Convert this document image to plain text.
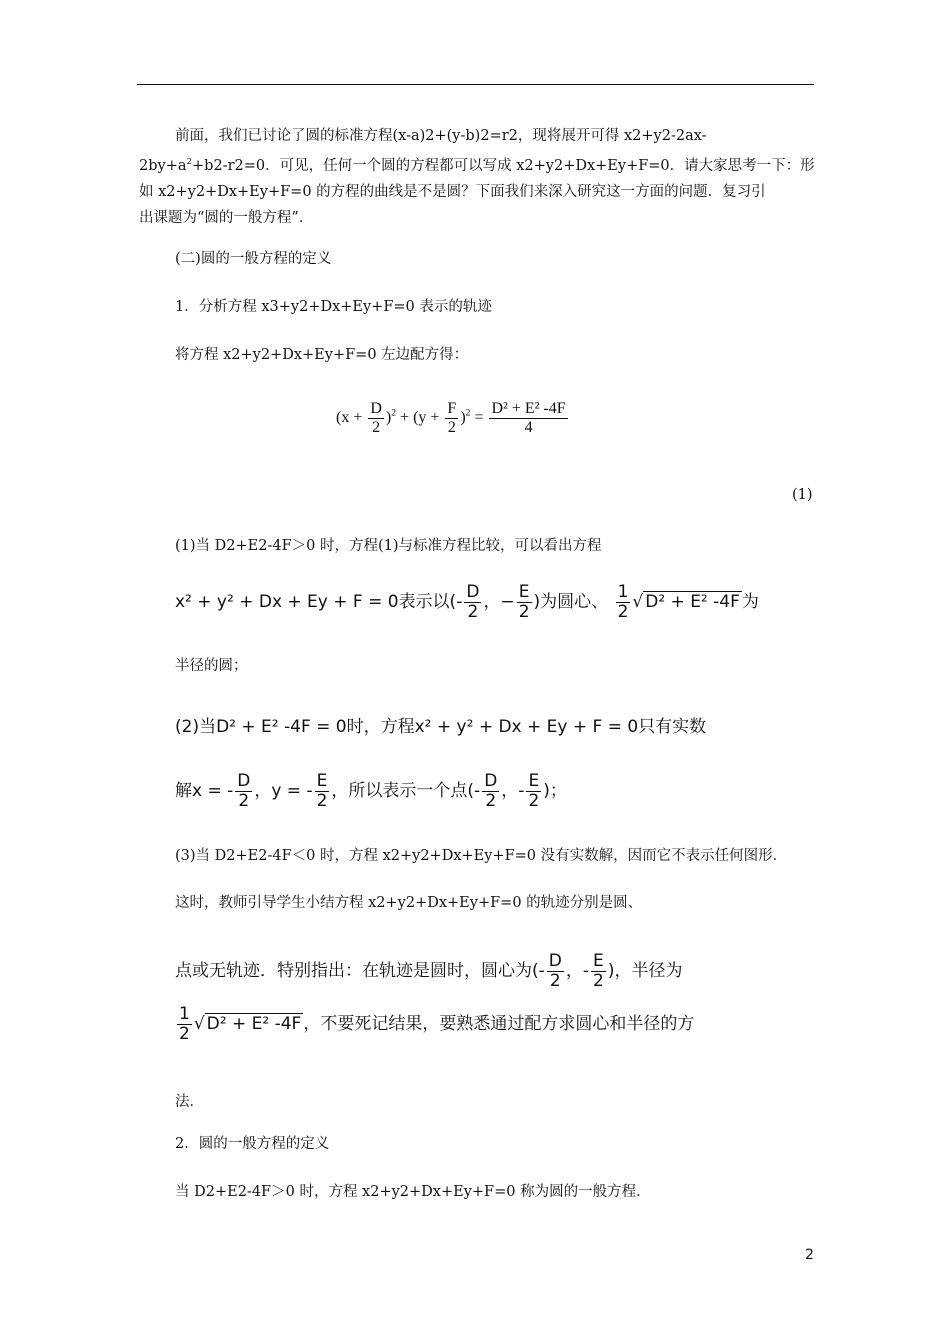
前面，我们已讨论了圆的标准方程(x-a)2+(y-b)2=r2，现将展开可得 x2+y2-2ax-
$2by+a^2+b2-r2=0$．可见，任何一个圆的方程都可以写成 x2+y2+Dx+Ey+F=0．请大家思考一下：形
如 x2+y2+Dx+Ey+F=0 的方程的曲线是不是圆？下面我们来深入研究这一方面的问题．复习引
出课题为“圆的一般方程”．
(二)圆的一般方程的定义
1．分析方程 x3+y2+Dx+Ey+F=0 表示的轨迹
将方程 x2+y2+Dx+Ey+F=0 左边配方得：
$(x + \frac{D}{2} )^2 + (y + \frac{F}{2} )^2 = \frac{\text{D² + E² -4F}}{4}$
(1)
(1)当 D2+E2-4F＞0 时，方程(1)与标准方程比较，可以看出方程
x² + y² + Dx + Ey + F = 0表示以(- $\frac{D}{2}$ ，− $\frac{E}{2}$ )为圆心、 $\frac{1}{2}$ √ D² + E² -4F 为
半径的圆；
(2)当D² + E² -4F = 0时，方程x² + y² + Dx + Ey + F = 0只有实数
解x = - $\frac{D}{2}$ ，y = - $\frac{E}{2}$ ，所以表示一个点(- $\frac{D}{2}$ ，- $\frac{E}{2}$ )；
(3)当 D2+E2-4F＜0 时，方程 x2+y2+Dx+Ey+F=0 没有实数解，因而它不表示任何图形．
这时，教师引导学生小结方程 x2+y2+Dx+Ey+F=0 的轨迹分别是圆、
点或无轨迹．特别指出：在轨迹是圆时，圆心为(- $\frac{D}{2}$ ，- $\frac{E}{2}$ )，半径为
$\frac{1}{2}$ √ D² + E² -4F ，不要死记结果，要熟悉通过配方求圆心和半径的方
法．
2．圆的一般方程的定义
当 D2+E2-4F＞0 时，方程 x2+y2+Dx+Ey+F=0 称为圆的一般方程．
2
